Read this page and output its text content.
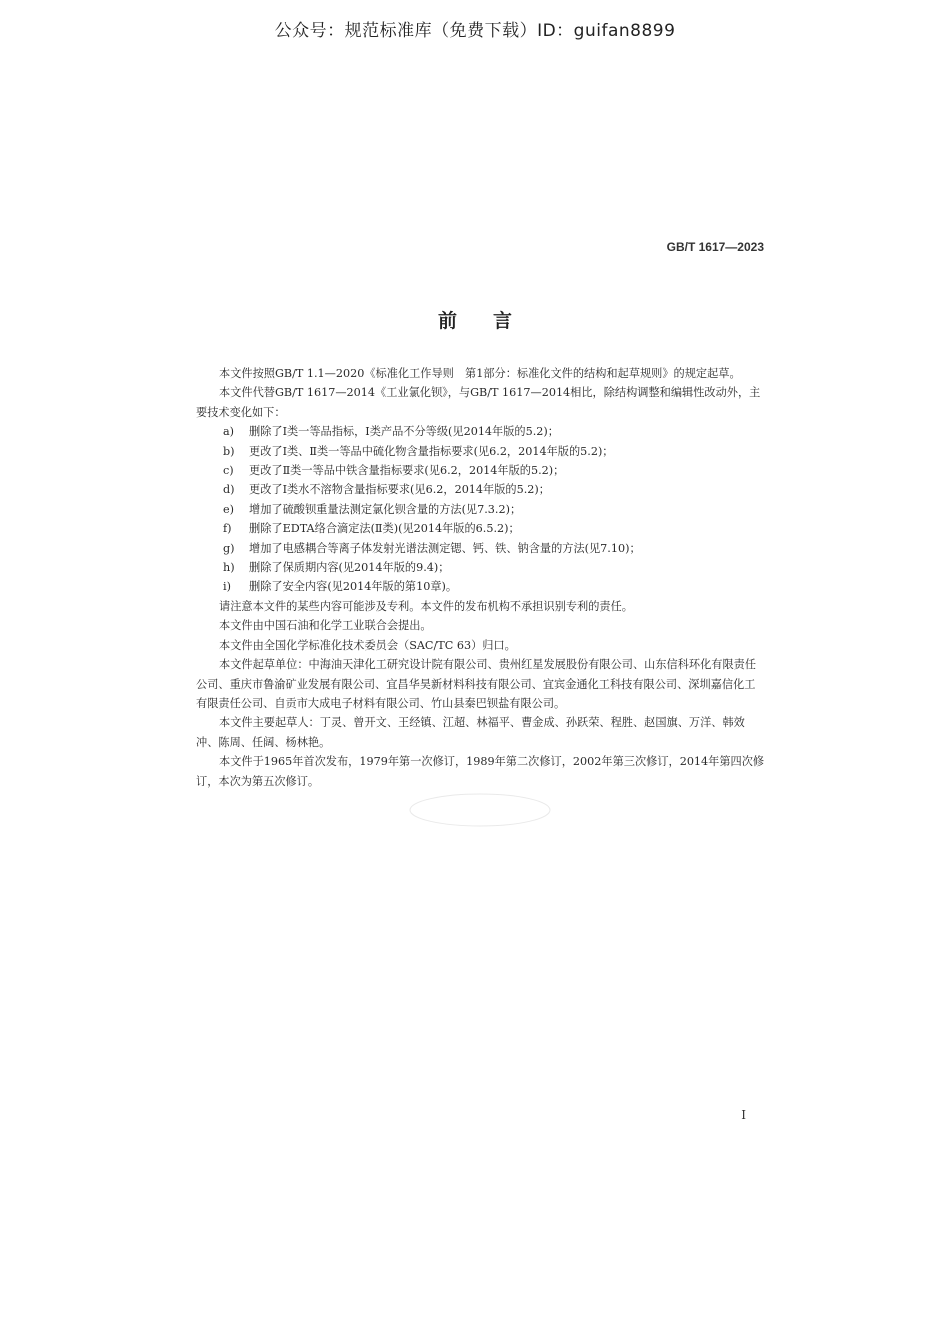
公众号：规范标准库（免费下载）ID：guifan8899
GB/T 1617—2023
前言

本文件按照GB/T 1.1—2020《标准化工作导则　第1部分：标准化文件的结构和起草规则》的规定起草。

本文件代替GB/T 1617—2014《工业氯化钡》，与GB/T 1617—2014相比，除结构调整和编辑性改动外，主要技术变化如下：

a)	删除了Ⅰ类一等品指标，Ⅰ类产品不分等级(见2014年版的5.2)；
b)	更改了Ⅰ类、Ⅱ类一等品中硫化物含量指标要求(见6.2，2014年版的5.2)；
c)	更改了Ⅱ类一等品中铁含量指标要求(见6.2，2014年版的5.2)；
d)	更改了Ⅰ类水不溶物含量指标要求(见6.2，2014年版的5.2)；
e)	增加了硫酸钡重量法测定氯化钡含量的方法(见7.3.2)；
f)	删除了EDTA络合滴定法(Ⅱ类)(见2014年版的6.5.2)；
g)	增加了电感耦合等离子体发射光谱法测定锶、钙、铁、钠含量的方法(见7.10)；
h)	删除了保质期内容(见2014年版的9.4)；
i)	删除了安全内容(见2014年版的第10章)。

请注意本文件的某些内容可能涉及专利。本文件的发布机构不承担识别专利的责任。

本文件由中国石油和化学工业联合会提出。

本文件由全国化学标准化技术委员会（SAC/TC 63）归口。

本文件起草单位：中海油天津化工研究设计院有限公司、贵州红星发展股份有限公司、山东信科环化有限责任公司、重庆市鲁渝矿业发展有限公司、宜昌华昊新材料科技有限公司、宜宾金通化工科技有限公司、深圳嘉信化工有限责任公司、自贡市大成电子材料有限公司、竹山县秦巴钡盐有限公司。

本文件主要起草人：丁灵、曾开文、王经镇、江超、林福平、曹金成、孙跃荣、程胜、赵国旗、万洋、韩效冲、陈周、任阔、杨林艳。

本文件于1965年首次发布，1979年第一次修订，1989年第二次修订，2002年第三次修订，2014年第四次修订，本次为第五次修订。

I
